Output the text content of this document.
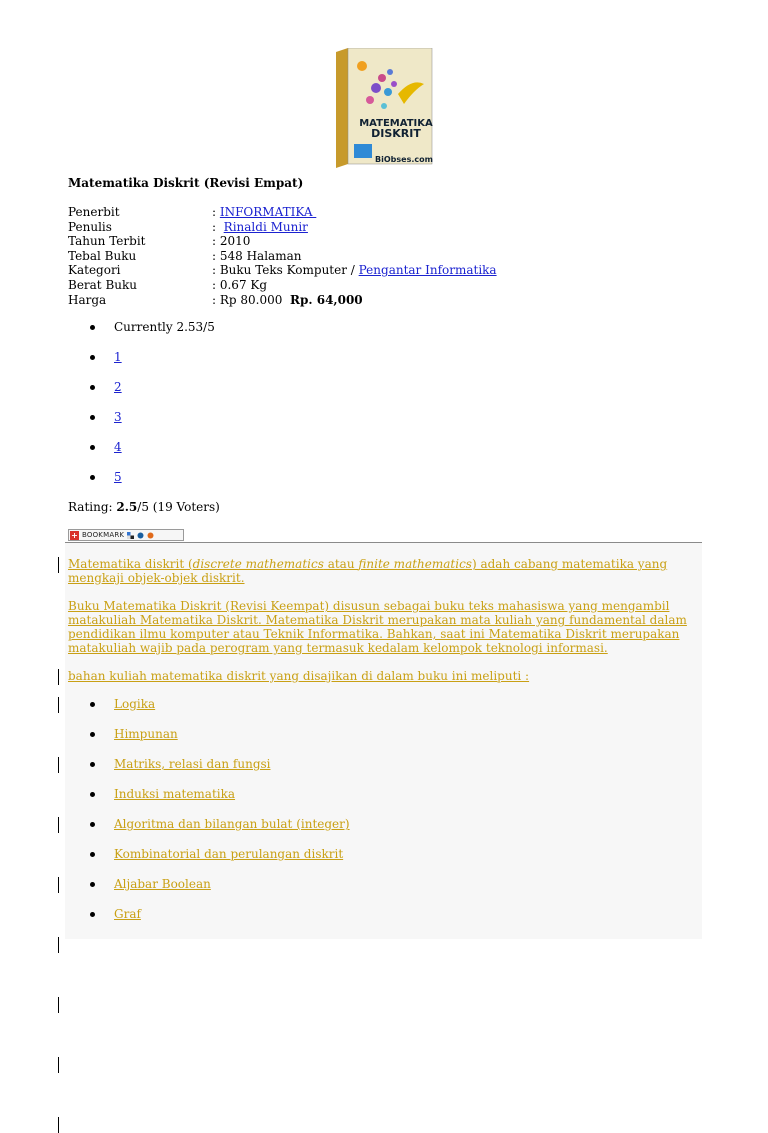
MATEMATIKA
DISKRIT
BiObses.com
Matematika Diskrit (Revisi Empat)
Penerbit	: INFORMATIKA
Penulis	:  Rinaldi Munir
Tahun Terbit	: 2010
Tebal Buku	: 548 Halaman
Kategori	: Buku Teks Komputer / Pengantar Informatika
Berat Buku	: 0.67 Kg
Harga	: Rp 80.000  Rp. 64,000
Currently 2.53/5
1
2
3
4
5
Rating: 2.5/5 (19 Voters)
+ BOOKMARK
Matematika diskrit (discrete mathematics atau finite mathematics) adah cabang matematika yang mengkaji objek-objek diskrit.
Buku Matematika Diskrit (Revisi Keempat) disusun sebagai buku teks mahasiswa yang mengambil matakuliah Matematika Diskrit. Matematika Diskrit merupakan mata kuliah yang fundamental dalam pendidikan ilmu komputer atau Teknik Informatika. Bahkan, saat ini Matematika Diskrit merupakan matakuliah wajib pada perogram yang termasuk kedalam kelompok teknologi informasi.
bahan kuliah matematika diskrit yang disajikan di dalam buku ini meliputi :
Logika
Himpunan
Matriks, relasi dan fungsi
Induksi matematika
Algoritma dan bilangan bulat (integer)
Kombinatorial dan perulangan diskrit
Aljabar Boolean
Graf
